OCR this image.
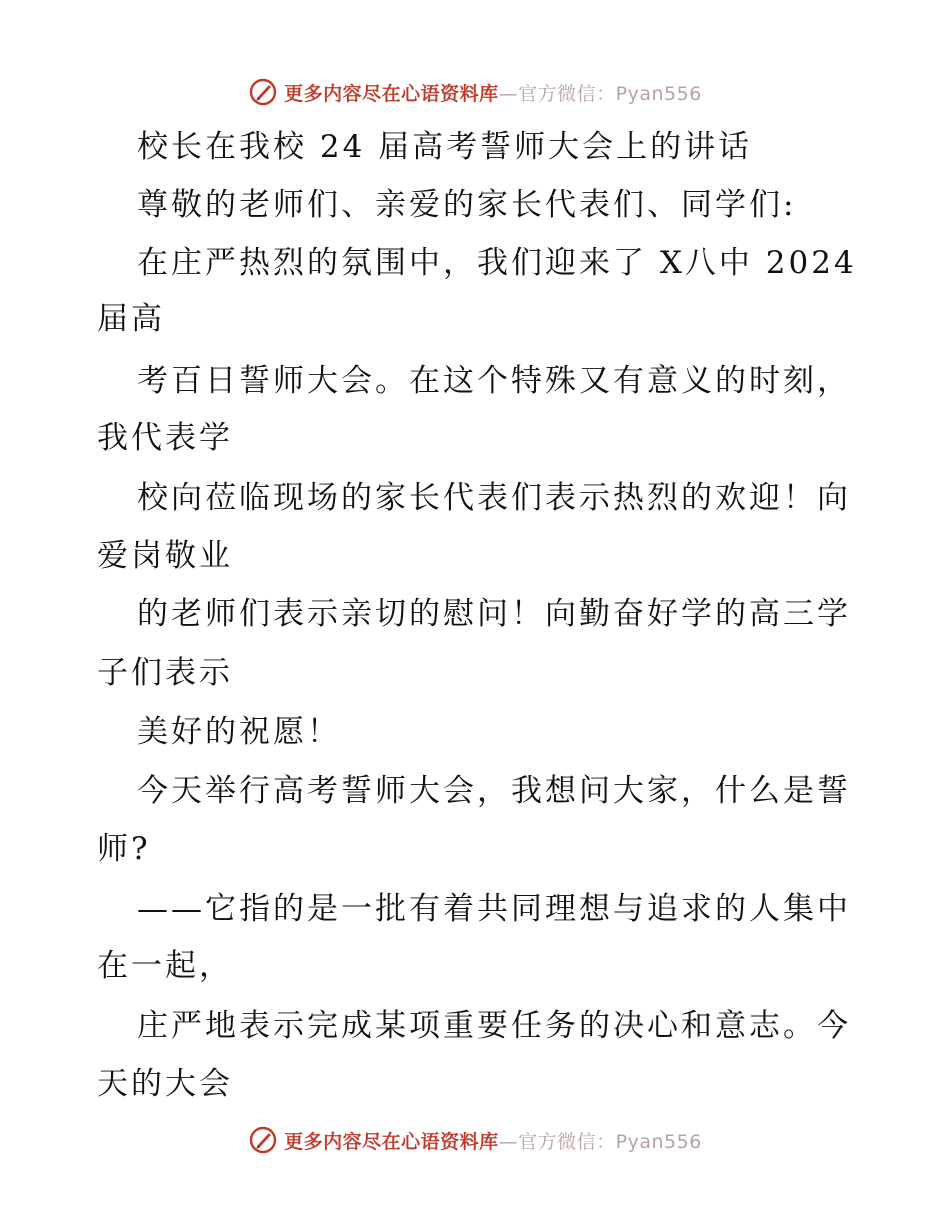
更多内容尽在心语资料库—官方微信：Pyan556
校长在我校 24 届高考誓师大会上的讲话
尊敬的老师们、亲爱的家长代表们、同学们:
在庄严热烈的氛围中，我们迎来了 X八中 2024
届高
考百日誓师大会。在这个特殊又有意义的时刻，
我代表学
校向莅临现场的家长代表们表示热烈的欢迎！向
爱岗敬业
的老师们表示亲切的慰问！向勤奋好学的高三学
子们表示
美好的祝愿！
今天举行高考誓师大会，我想问大家，什么是誓
师?
——它指的是一批有着共同理想与追求的人集中
在一起，
庄严地表示完成某项重要任务的决心和意志。今
天的大会
更多内容尽在心语资料库—官方微信：Pyan556
